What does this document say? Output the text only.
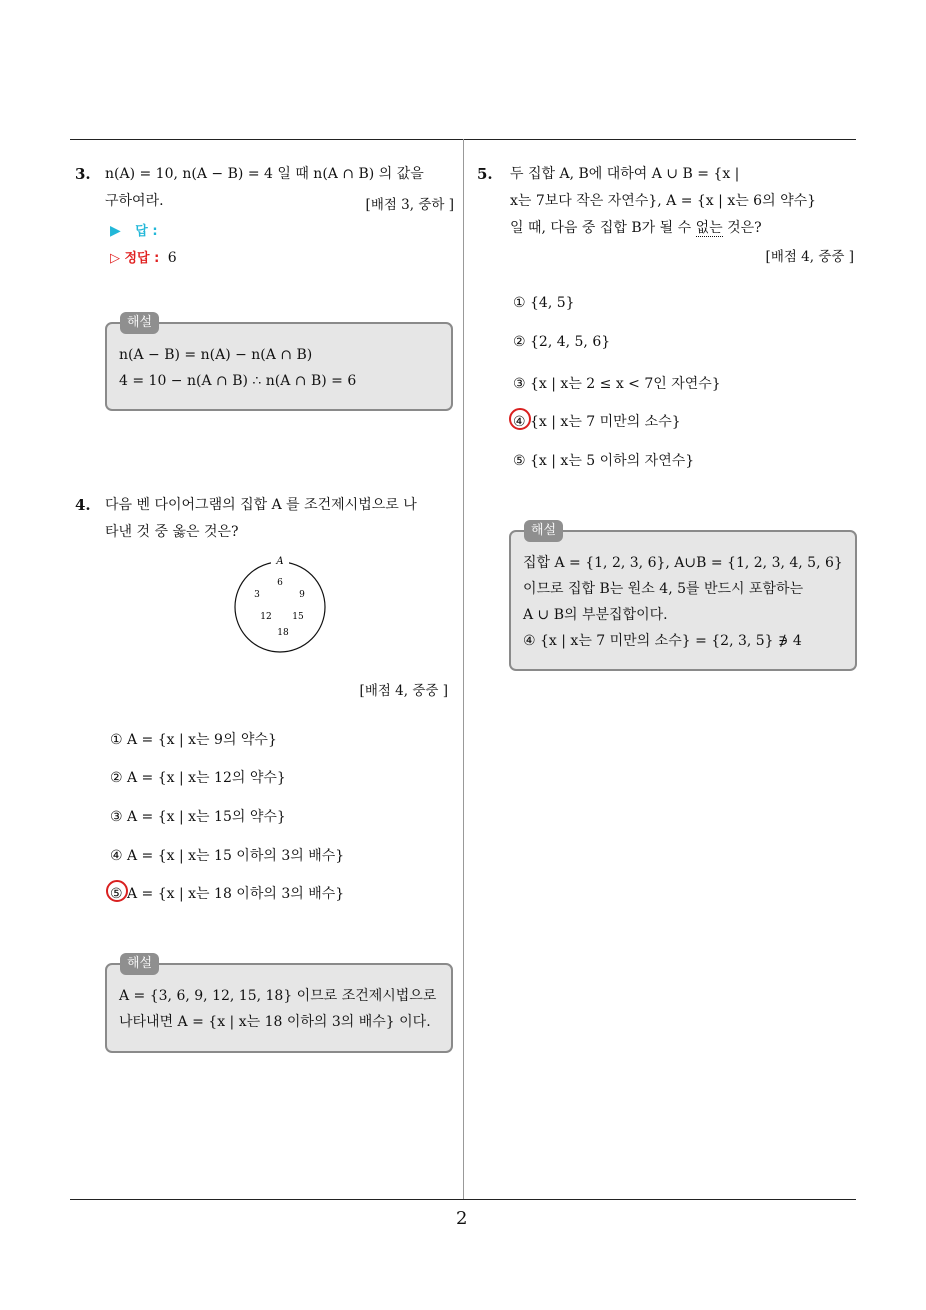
2
3. n(A) = 10, n(A − B) = 4 일 때 n(A ∩ B) 의 값을
구하여라.	[배점 3, 중하 ]
▶ 답 :
▷ 정답 : 6
n(A − B) = n(A) − n(A ∩ B)
4 = 10 − n(A ∩ B) ∴ n(A ∩ B) = 6
해설
4. 다음 벤 다이어그램의 집합 A 를 조건제시법으로 나
타낸 것 중 옳은 것은?
A
6
3	9
12 15
18
[배점 4, 중중 ]
① A = {x | x는 9의 약수}
② A = {x | x는 12의 약수}
③ A = {x | x는 15의 약수}
④ A = {x | x는 15 이하의 3의 배수}
⑤ A = {x | x는 18 이하의 3의 배수}
A = {3, 6, 9, 12, 15, 18} 이므로 조건제시법으로
나타내면 A = {x | x는 18 이하의 3의 배수} 이다.
해설
5. 두 집합 A, B에 대하여 A ∪ B = {x |
x는 7보다 작은 자연수}, A = {x | x는 6의 약수}
일 때, 다음 중 집합 B가 될 수 없는 것은?
[배점 4, 중중 ]
① {4, 5}
② {2, 4, 5, 6}
③ {x | x는 2 ≤ x < 7인 자연수}
④ {x | x는 7 미만의 소수}
⑤ {x | x는 5 이하의 자연수}
집합 A = {1, 2, 3, 6}, A∪B = {1, 2, 3, 4, 5, 6}
이므로 집합 B는 원소 4, 5를 반드시 포함하는
A ∪ B의 부분집합이다.
④ {x | x는 7 미만의 소수} = {2, 3, 5} ∌ 4
해설
